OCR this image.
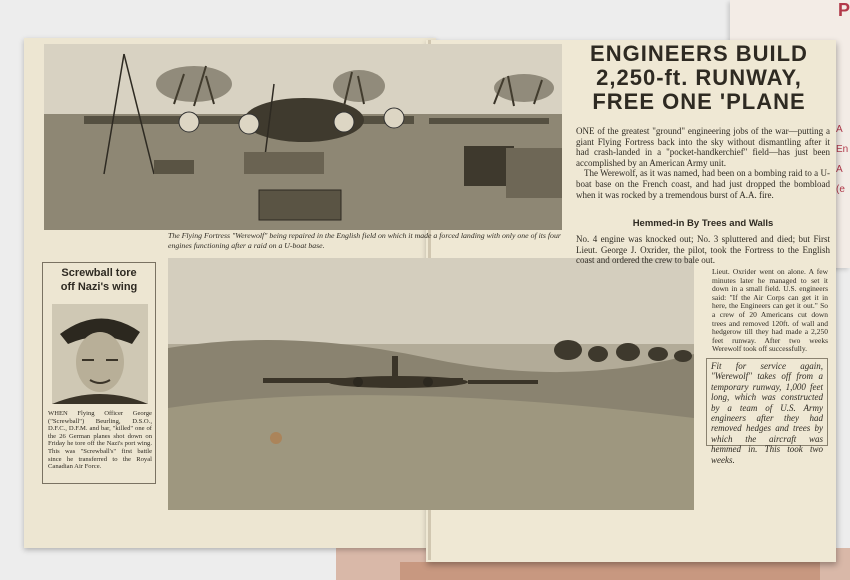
P
A
En
A
(e
The Flying Fortress "Werewolf" being repaired in the English field on which it made a forced landing with only one of its four engines functioning after a raid on a U-boat base.
Screwball tore
off Nazi's wing
WHEN Flying Officer George ("Screwball") Beurling, D.S.O., D.F.C., D.F.M. and bar, "killed" one of the 26 German planes shot down on Friday he tore off the Nazi's port wing. This was "Screwball's" first battle since he transferred to the Royal Canadian Air Force.
ENGINEERS BUILD
2,250-ft. RUNWAY,
FREE ONE 'PLANE
ONE of the greatest "ground" engineering jobs of the war—putting a giant Flying Fortress back into the sky without dismantling after it had crash-landed in a "pocket-handkerchief" field—has just been accomplished by an American Army unit.
The Werewolf, as it was named, had been on a bombing raid to a U-boat base on the French coast, and had just dropped the bombload when it was rocked by a tremendous burst of A.A. fire.
Hemmed-in By Trees and Walls
No. 4 engine was knocked out; No. 3 spluttered and died; but First Lieut. George J. Oxrider, the pilot, took the Fortress to the English coast and ordered the crew to bale out.
Lieut. Oxrider went on alone. A few minutes later he managed to set it down in a small field. U.S. engineers said: "If the Air Corps can get it in here, the Engineers can get it out." So a crew of 20 Americans cut down trees and removed 120ft. of wall and hedgerow till they had made a 2,250 feet runway. After two weeks Werewolf took off successfully.
Fit for service again, "Werewolf" takes off from a temporary runway, 1,000 feet long, which was constructed by a team of U.S. Army engineers after they had removed hedges and trees by which the aircraft was hemmed in. This took two weeks.
